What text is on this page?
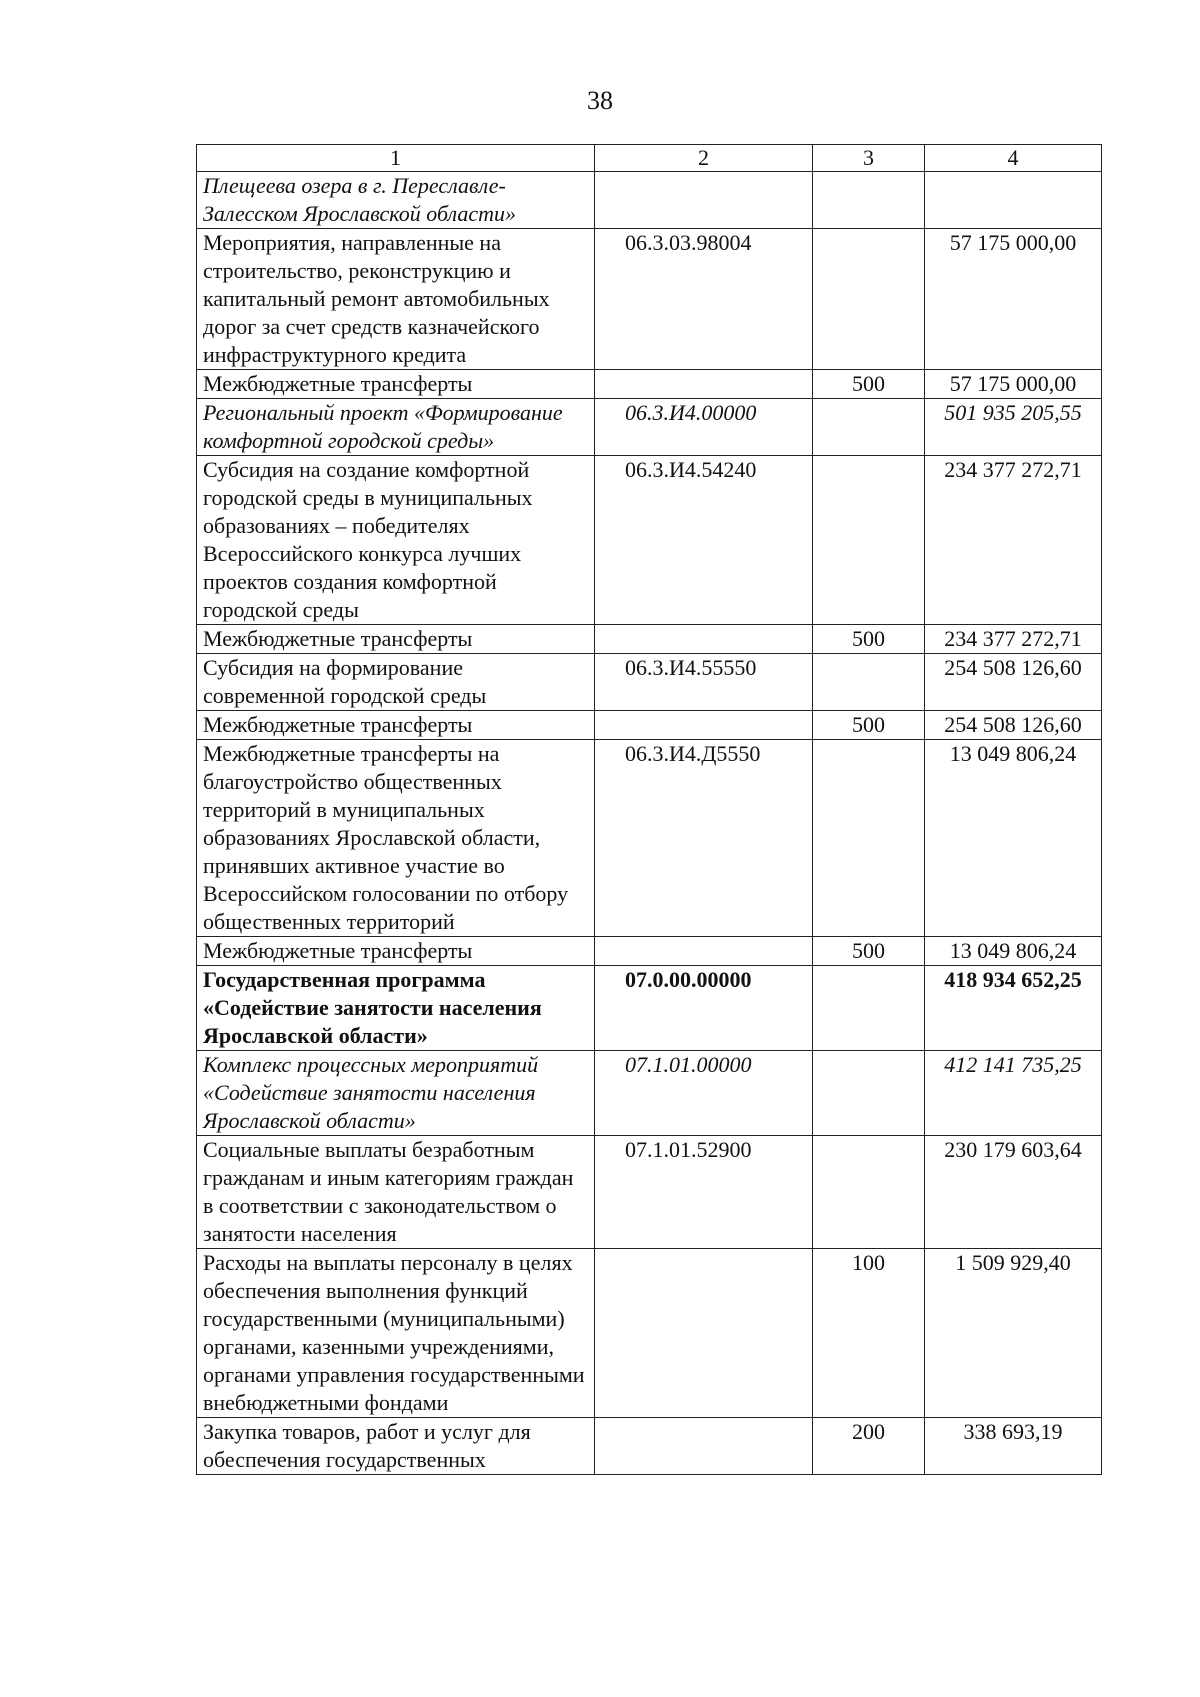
38
1	2	3	4
Плещеева озера в г. Переславле-Залесском Ярославской области»			
Мероприятия, направленные на строительство, реконструкцию и капитальный ремонт автомобильных дорог за счет средств казначейского инфраструктурного кредита	06.3.03.98004		57 175 000,00
Межбюджетные трансферты		500	57 175 000,00
Региональный проект «Формирование комфортной городской среды»	06.3.И4.00000		501 935 205,55
Субсидия на создание комфортной городской среды в муниципальных образованиях – победителях Всероссийского конкурса лучших проектов создания комфортной городской среды	06.3.И4.54240		234 377 272,71
Межбюджетные трансферты		500	234 377 272,71
Субсидия на формирование современной городской среды	06.3.И4.55550		254 508 126,60
Межбюджетные трансферты		500	254 508 126,60
Межбюджетные трансферты на благоустройство общественных территорий в муниципальных образованиях Ярославской области, принявших активное участие во Всероссийском голосовании по отбору общественных территорий	06.3.И4.Д5550		13 049 806,24
Межбюджетные трансферты		500	13 049 806,24
Государственная программа «Содействие занятости населения Ярославской области»	07.0.00.00000		418 934 652,25
Комплекс процессных мероприятий «Содействие занятости населения Ярославской области»	07.1.01.00000		412 141 735,25
Социальные выплаты безработным гражданам и иным категориям граждан в соответствии с законодательством о занятости населения	07.1.01.52900		230 179 603,64
Расходы на выплаты персоналу в целях обеспечения выполнения функций государственными (муниципальными) органами, казенными учреждениями, органами управления государственными внебюджетными фондами		100	1 509 929,40
Закупка товаров, работ и услуг для обеспечения государственных		200	338 693,19
